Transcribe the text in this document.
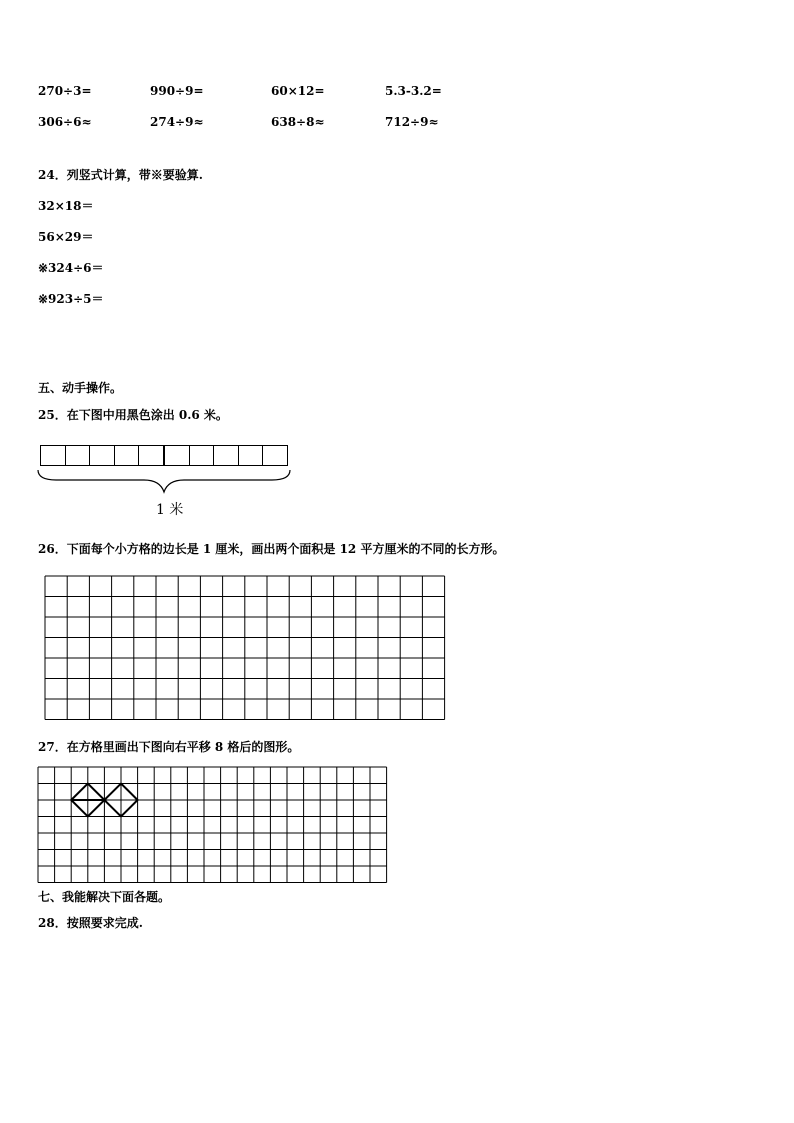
270÷3=	990÷9=	60×12=	5.3-3.2=
306÷6≈	274÷9≈	638÷8≈	712÷9≈
24．列竖式计算，带※要验算.
32×18＝
56×29＝
※324÷6＝
※923÷5＝
五、动手操作。
25．在下图中用黑色涂出 0.6 米。
1 米
26．下面每个小方格的边长是 1 厘米，画出两个面积是 12 平方厘米的不同的长方形。
27．在方格里画出下图向右平移 8 格后的图形。
七、我能解决下面各题。
28．按照要求完成.
